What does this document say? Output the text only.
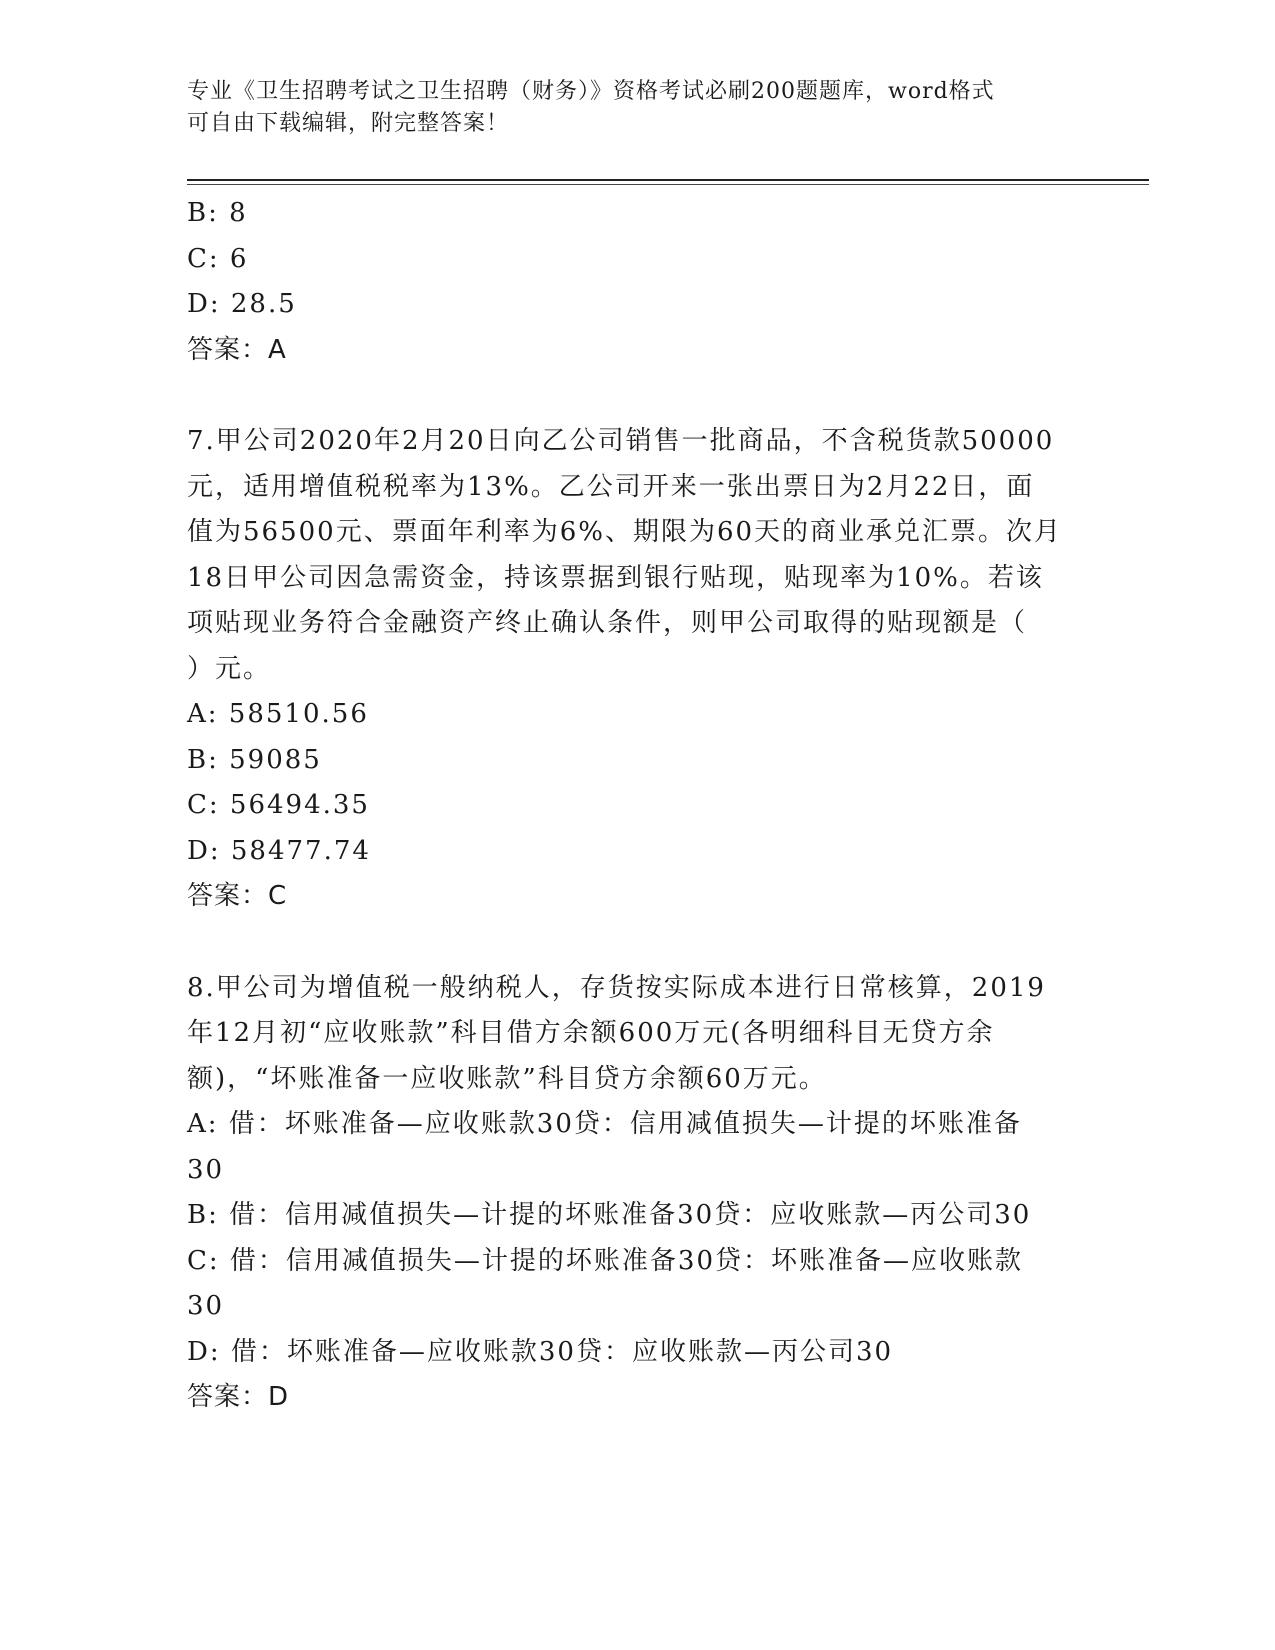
专业《卫生招聘考试之卫生招聘（财务）》资格考试必刷200题题库，word格式
可自由下载编辑，附完整答案！
B: 8
C: 6
D: 28.5
答案：A
7.甲公司2020年2月20日向乙公司销售一批商品，不含税货款50000
元，适用增值税税率为13%。乙公司开来一张出票日为2月22日，面
值为56500元、票面年利率为6%、期限为60天的商业承兑汇票。次月
18日甲公司因急需资金，持该票据到银行贴现，贴现率为10%。若该
项贴现业务符合金融资产终止确认条件，则甲公司取得的贴现额是（
）元。
A: 58510.56
B: 59085
C: 56494.35
D: 58477.74
答案：C
8.甲公司为增值税一般纳税人，存货按实际成本进行日常核算，2019
年12月初“应收账款”科目借方余额600万元(各明细科目无贷方余
额)，“坏账准备一应收账款”科目贷方余额60万元。
A: 借：坏账准备—应收账款30贷：信用减值损失—计提的坏账准备
30
B: 借：信用减值损失—计提的坏账准备30贷：应收账款—丙公司30
C: 借：信用减值损失—计提的坏账准备30贷：坏账准备—应收账款
30
D: 借：坏账准备—应收账款30贷：应收账款—丙公司30
答案：D
